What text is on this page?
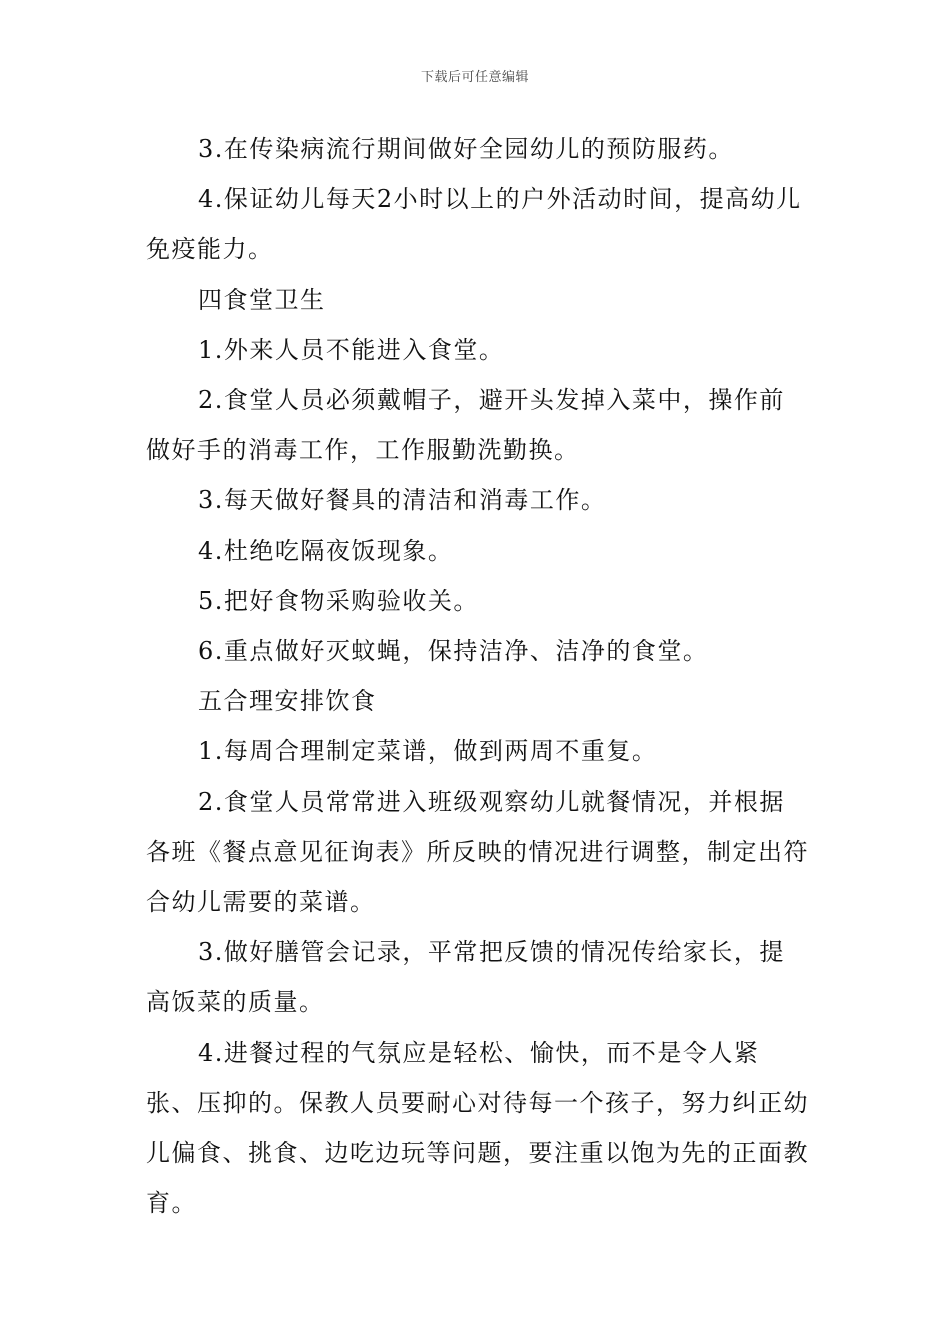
下载后可任意编辑

3.在传染病流行期间做好全园幼儿的预防服药。

4.保证幼儿每天2小时以上的户外活动时间，提高幼儿免疫能力。

四食堂卫生

1.外来人员不能进入食堂。

2.食堂人员必须戴帽子，避开头发掉入菜中，操作前做好手的消毒工作，工作服勤洗勤换。

3.每天做好餐具的清洁和消毒工作。

4.杜绝吃隔夜饭现象。

5.把好食物采购验收关。

6.重点做好灭蚊蝇，保持洁净、洁净的食堂。

五合理安排饮食

1.每周合理制定菜谱，做到两周不重复。

2.食堂人员常常进入班级观察幼儿就餐情况，并根据各班《餐点意见征询表》所反映的情况进行调整，制定出符合幼儿需要的菜谱。

3.做好膳管会记录，平常把反馈的情况传给家长，提高饭菜的质量。

4.进餐过程的气氛应是轻松、愉快，而不是令人紧张、压抑的。保教人员要耐心对待每一个孩子，努力纠正幼儿偏食、挑食、边吃边玩等问题，要注重以饱为先的正面教育。
